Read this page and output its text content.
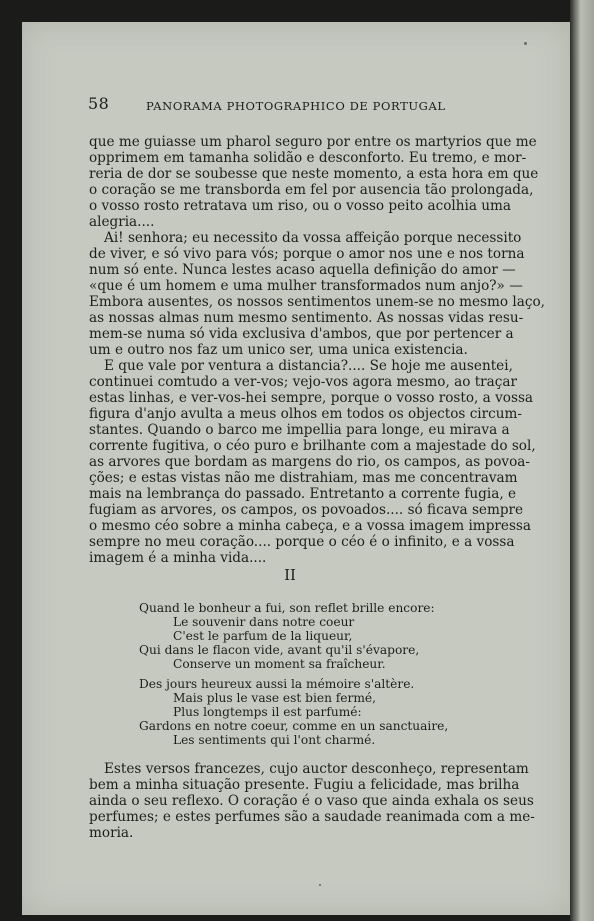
58	PANORAMA PHOTOGRAPHICO DE PORTUGAL
que me guiasse um pharol seguro por entre os martyrios que me
opprimem em tamanha solidão e desconforto. Eu tremo, e mor-
reria de dor se soubesse que neste momento, a esta hora em que
o coração se me transborda em fel por ausencia tão prolongada,
o vosso rosto retratava um riso, ou o vosso peito acolhia uma
alegria....
Ai! senhora; eu necessito da vossa affeição porque necessito
de viver, e só vivo para vós; porque o amor nos une e nos torna
num só ente. Nunca lestes acaso aquella definição do amor —
«que é um homem e uma mulher transformados num anjo?» —
Embora ausentes, os nossos sentimentos unem-se no mesmo laço,
as nossas almas num mesmo sentimento. As nossas vidas resu-
mem-se numa só vida exclusiva d'ambos, que por pertencer a
um e outro nos faz um unico ser, uma unica existencia.
E que vale por ventura a distancia?.... Se hoje me ausentei,
continuei comtudo a ver-vos; vejo-vos agora mesmo, ao traçar
estas linhas, e ver-vos-hei sempre, porque o vosso rosto, a vossa
figura d'anjo avulta a meus olhos em todos os objectos circum-
stantes. Quando o barco me impellia para longe, eu mirava a
corrente fugitiva, o céo puro e brilhante com a majestade do sol,
as arvores que bordam as margens do rio, os campos, as povoa-
ções; e estas vistas não me distrahiam, mas me concentravam
mais na lembrança do passado. Entretanto a corrente fugia, e
fugiam as arvores, os campos, os povoados.... só ficava sempre
o mesmo céo sobre a minha cabeça, e a vossa imagem impressa
sempre no meu coração.... porque o céo é o infinito, e a vossa
imagem é a minha vida....
II
Quand le bonheur a fui, son reflet brille encore:
Le souvenir dans notre coeur
C'est le parfum de la liqueur,
Qui dans le flacon vide, avant qu'il s'évapore,
Conserve un moment sa fraîcheur.
Des jours heureux aussi la mémoire s'altère.
Mais plus le vase est bien fermé,
Plus longtemps il est parfumé:
Gardons en notre coeur, comme en un sanctuaire,
Les sentiments qui l'ont charmé.
Estes versos francezes, cujo auctor desconheço, representam
bem a minha situação presente. Fugiu a felicidade, mas brilha
ainda o seu reflexo. O coração é o vaso que ainda exhala os seus
perfumes; e estes perfumes são a saudade reanimada com a me-
moria.
